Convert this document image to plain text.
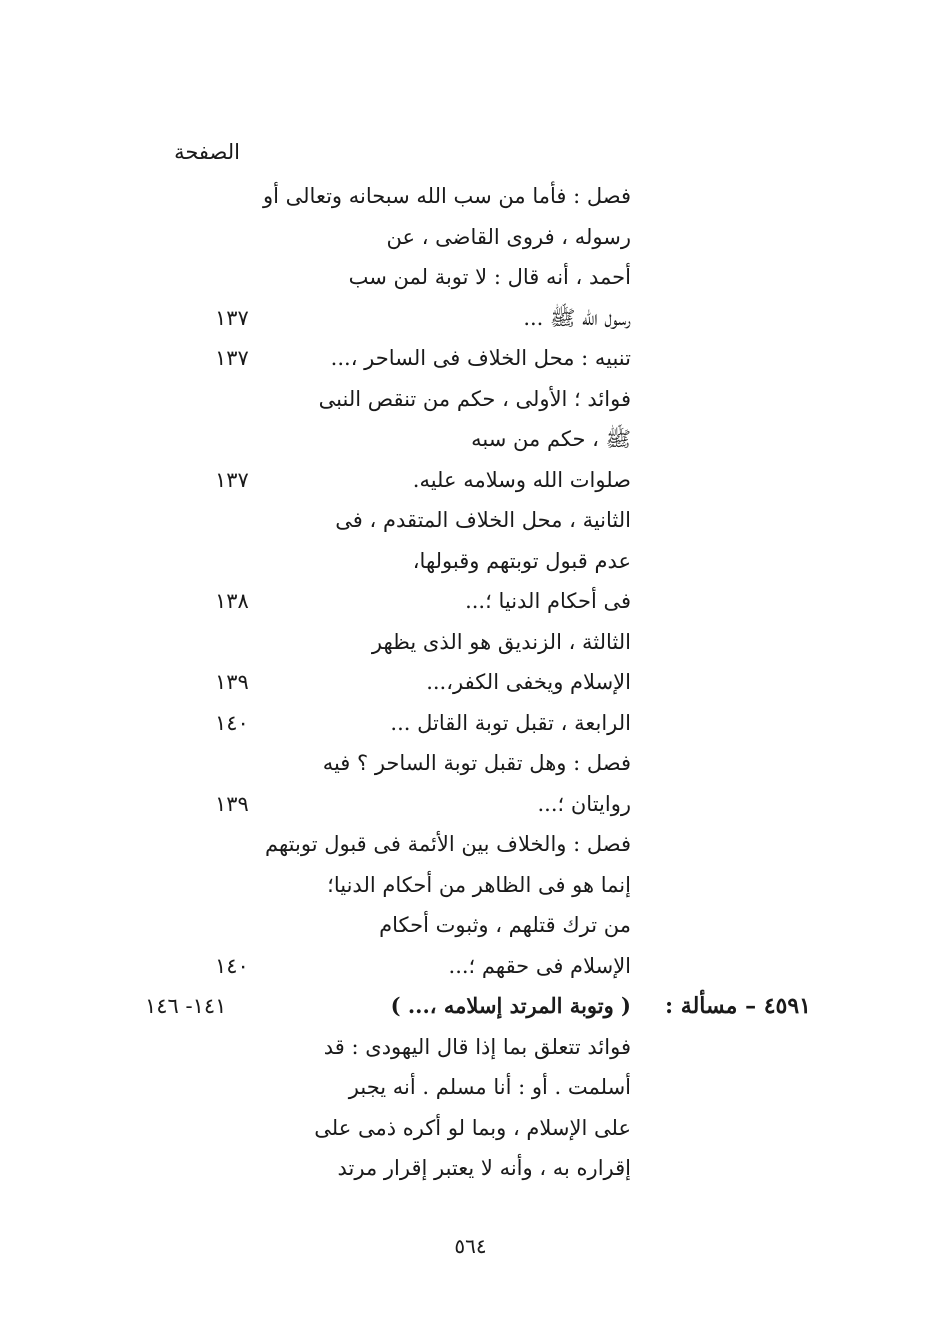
الصفحة
فصل : فأما من سب الله سبحانه وتعالى أو
رسوله ، فروى القاضى ، عن
أحمد ، أنه قال : لا توبة لمن سب
رسول الله ﷺ ...
١٣٧
تنبيه : محل الخلاف فى الساحر ،...
١٣٧
فوائد ؛ الأولى ، حكم من تنقص النبى
ﷺ ، حكم من سبه
صلوات الله وسلامه عليه.
١٣٧
الثانية ، محل الخلاف المتقدم ، فى
عدم قبول توبتهم وقبولها،
فى أحكام الدنيا ؛...
١٣٨
الثالثة ، الزنديق هو الذى يظهر
الإسلام ويخفى الكفر،...
١٣٩
الرابعة ، تقبل توبة القاتل ...
١٤٠
فصل : وهل تقبل توبة الساحر ؟ فيه
روايتان ؛...
١٣٩
فصل : والخلاف بين الأئمة فى قبول توبتهم
إنما هو فى الظاهر من أحكام الدنيا؛
من ترك قتلهم ، وثبوت أحكام
الإسلام فى حقهم ؛...
١٤٠
٤٥٩١ – مسألة :
( وتوبة المرتد إسلامه ،... )
١٤١- ١٤٦
فوائد تتعلق بما إذا قال اليهودى : قد
أسلمت . أو : أنا مسلم . أنه يجبر
على الإسلام ، وبما لو أكره ذمى على
إقراره به ، وأنه لا يعتبر إقرار مرتد
٥٦٤
